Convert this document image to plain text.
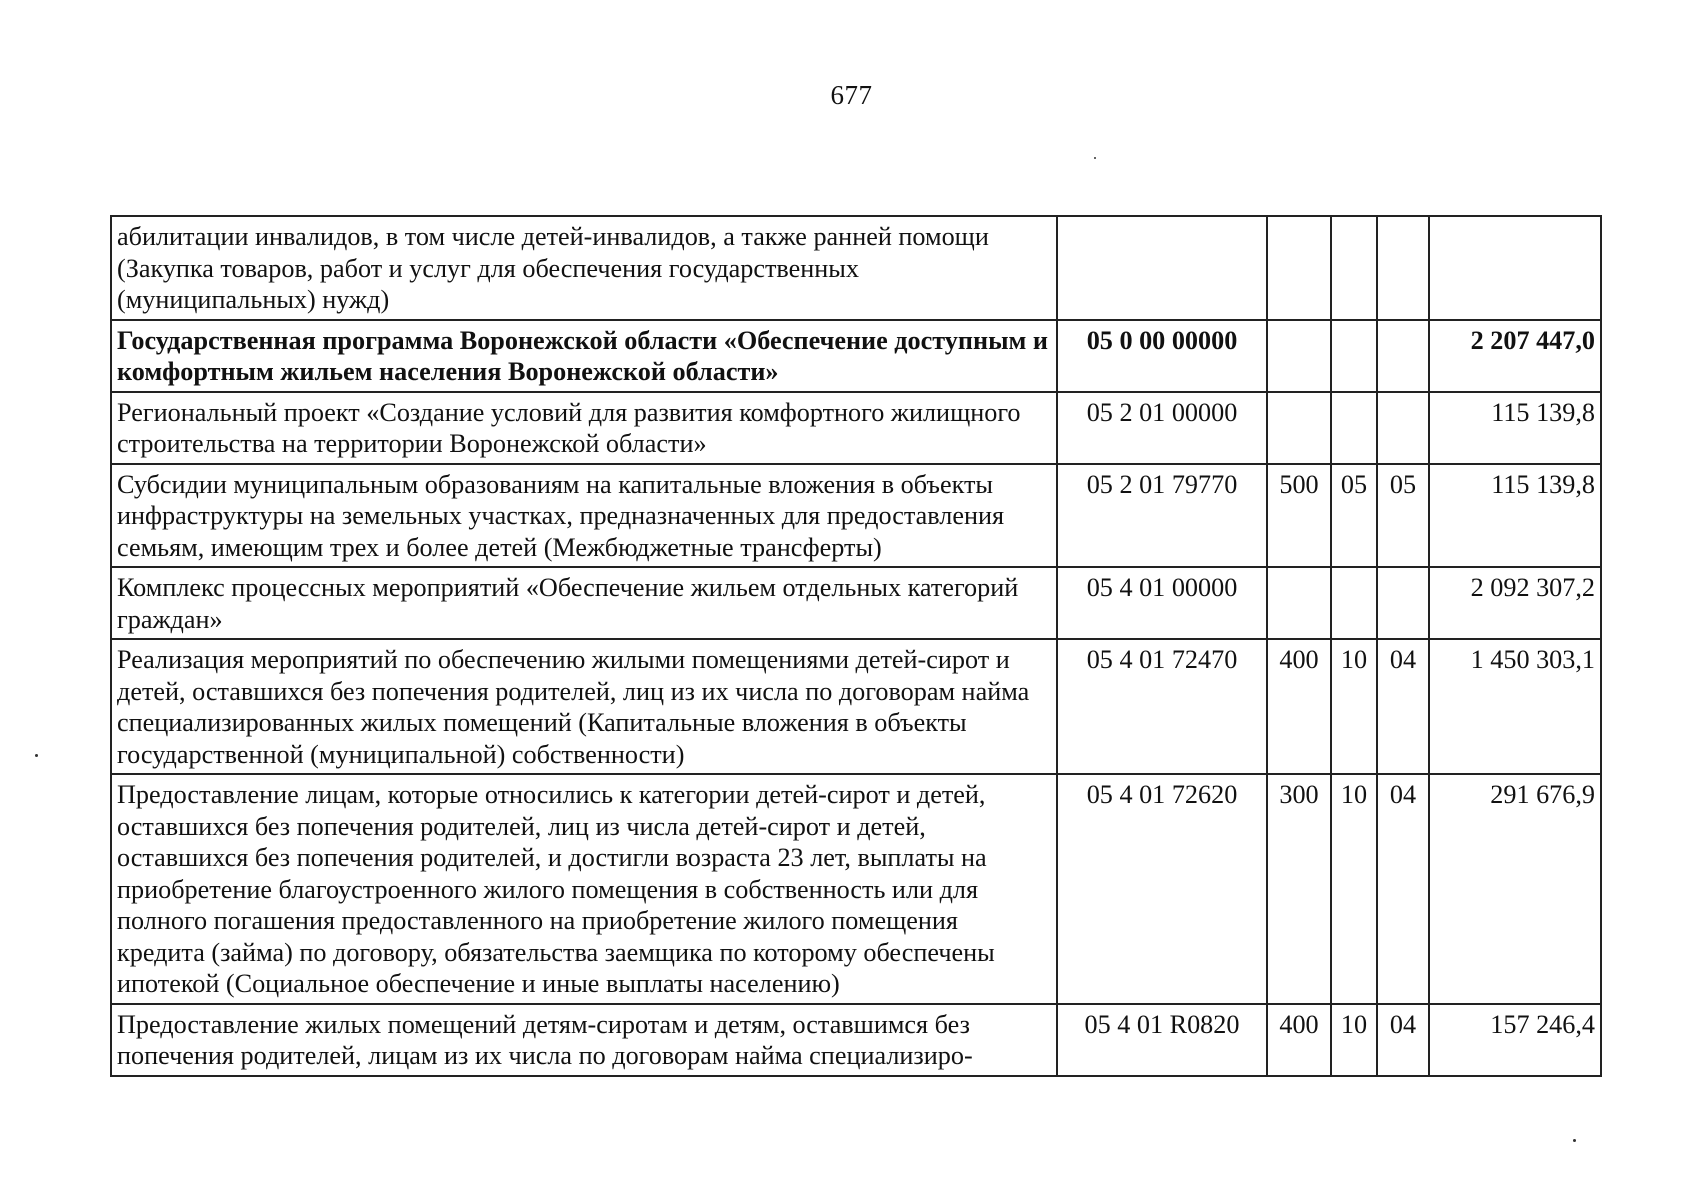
677
абилитации инвалидов, в том числе детей-инвалидов, а также ранней помощи (Закупка товаров, работ и услуг для обеспечения государственных (муниципальных) нужд)					
Государственная программа Воронежской области «Обеспечение доступным и комфортным жильем населения Воронежской области»	05 0 00 00000				2 207 447,0
Региональный проект «Создание условий для развития комфортного жилищного строительства на территории Воронежской области»	05 2 01 00000				115 139,8
Субсидии муниципальным образованиям на капитальные вложения в объекты инфраструктуры на земельных участках, предназначенных для предоставления семьям, имеющим трех и более детей (Межбюджетные трансферты)	05 2 01 79770	500	05	05	115 139,8
Комплекс процессных мероприятий «Обеспечение жильем отдельных категорий граждан»	05 4 01 00000				2 092 307,2
Реализация мероприятий по обеспечению жилыми помещениями детей-сирот и детей, оставшихся без попечения родителей, лиц из их числа по договорам найма специализированных жилых помещений (Капитальные вложения в объекты государственной (муниципальной) собственности)	05 4 01 72470	400	10	04	1 450 303,1
Предоставление лицам, которые относились к категории детей-сирот и детей, оставшихся без попечения родителей, лиц из числа детей-сирот и детей, оставшихся без попечения родителей, и достигли возраста 23 лет, выплаты на приобретение благоустроенного жилого помещения в собственность или для полного погашения предоставленного на приобретение жилого помещения кредита (займа) по договору, обязательства заемщика по которому обеспечены ипотекой (Социальное обеспечение и иные выплаты населению)	05 4 01 72620	300	10	04	291 676,9
Предоставление жилых помещений детям-сиротам и детям, оставшимся без попечения родителей, лицам из их числа по договорам найма специализиро-	05 4 01 R0820	400	10	04	157 246,4
